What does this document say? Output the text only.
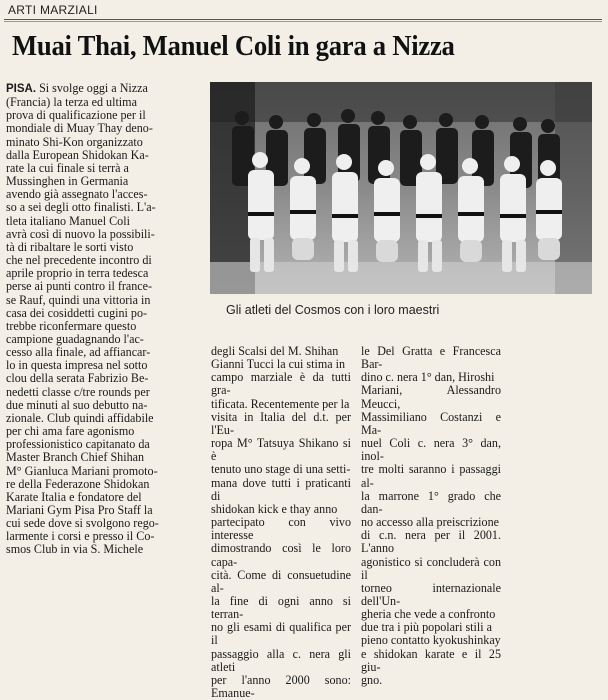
ARTI MARZIALI
Muai Thai, Manuel Coli in gara a Nizza

PISA. Si svolge oggi a Nizza

(Francia) la terza ed ultima

prova di qualificazione per il

mondiale di Muay Thay deno-

minato Shi-Kon organizzato

dalla European Shidokan Ka-

rate la cui finale si terrà a

Mussinghen in Germania

avendo già assegnato l'acces-

so a sei degli otto finalisti. L'a-

tleta italiano Manuel Coli

avrà così di nuovo la possibili-

tà di ribaltare le sorti visto

che nel precedente incontro di

aprile proprio in terra tedesca

perse ai punti contro il france-

se Rauf, quindi una vittoria in

casa dei cosiddetti cugini po-

trebbe riconfermare questo

campione guadagnando l'ac-

cesso alla finale, ad affiancar-

lo in questa impresa nel sotto

clou della serata Fabrizio Be-

nedetti classe c/tre rounds per

due minuti al suo debutto na-

zionale. Club quindi affidabile

per chi ama fare agonismo

professionistico capitanato da

Master Branch Chief Shihan

M° Gianluca Mariani promoto-

re della Federazone Shidokan

Karate Italia e fondatore del

Mariani Gym Pisa Pro Staff la

cui sede dove si svolgono rego-

larmente i corsi e presso il Co-

smos Club in via S. Michele

Gli atleti del Cosmos con i loro maestri

degli Scalsi del M. Shihan

Gianni Tucci la cui stima in

campo marziale è da tutti gra-

tificata. Recentemente per la

visita in Italia del d.t. per l'Eu-

ropa M° Tatsuya Shikano si è

tenuto uno stage di una setti-

mana dove tutti i praticanti di

shidokan kick e thay anno

partecipato con vivo interesse

dimostrando così le loro capa-

cità. Come di consuetudine al-

la fine di ogni anno si terran-

no gli esami di qualifica per il

passaggio alla c. nera gli atleti

per l'anno 2000 sono: Emanue-

le Del Gratta e Francesca Bar-

dino c. nera 1° dan, Hiroshi

Mariani, Alessandro Meucci,

Massimiliano Costanzi e Ma-

nuel Coli c. nera 3° dan, inol-

tre molti saranno i passaggi al-

la marrone 1° grado che dan-

no accesso alla preiscrizione

di c.n. nera per il 2001. L'anno

agonistico si concluderà con il

torneo internazionale dell'Un-

gheria che vede a confronto

due tra i più popolari stili a

pieno contatto kyokushinkay

e shidokan karate e il 25 giu-

gno.
